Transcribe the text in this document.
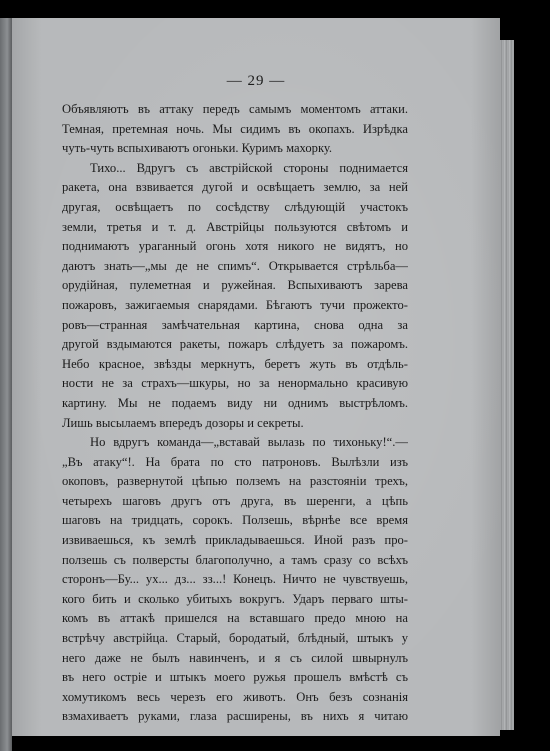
— 29 —
Объявляютъ въ аттаку передъ самымъ моментомъ аттаки.
Темная, претемная ночь. Мы сидимъ въ окопахъ. Изрѣдка
чуть-чуть вспыхиваютъ огоньки. Куримъ махорку.
Тихо... Вдругъ съ австрійской стороны поднимается
ракета, она взвивается дугой и освѣщаетъ землю, за ней
другая, освѣщаетъ по сосѣдству слѣдующій участокъ
земли, третья и т. д. Австрійцы пользуются свѣтомъ и
поднимаютъ ураганный огонь хотя никого не видятъ, но
даютъ знать—„мы де не спимъ“. Открывается стрѣльба—
орудійная, пулеметная и ружейная. Вспыхиваютъ зарева
пожаровъ, зажигаемыя снарядами. Бѣгаютъ тучи прожекто-
ровъ—странная замѣчательная картина, снова одна за
другой вздымаются ракеты, пожаръ слѣдуетъ за пожаромъ.
Небо красное, звѣзды меркнутъ, беретъ жуть въ отдѣль-
ности не за страхъ—шкуры, но за ненормально красивую
картину. Мы не подаемъ виду ни однимъ выстрѣломъ.
Лишь высылаемъ впередъ дозоры и секреты.
Но вдругъ команда—„вставай вылазь по тихоньку!“.—
„Въ атаку“!. На брата по сто патроновъ. Вылѣзли изъ
окоповъ, развернутой цѣпью полземъ на разстояніи трехъ,
четырехъ шаговъ другъ отъ друга, въ шеренги, а цѣпь
шаговъ на тридцать, сорокъ. Ползешь, вѣрнѣе все время
извиваешься, къ землѣ прикладываешься. Иной разъ про-
ползешь съ полверсты благополучно, а тамъ сразу со всѣхъ
сторонъ—Бу... ух... дз... зз...! Конецъ. Ничто не чувствуешь,
кого бить и сколько убитыхъ вокругъ. Ударъ перваго шты-
комъ въ аттакѣ пришелся на вставшаго предо мною на
встрѣчу австрійца. Старый, бородатый, блѣдный, штыкъ у
него даже не былъ навинченъ, и я съ силой швырнулъ
въ него остріе и штыкъ моего ружья прошелъ вмѣстѣ съ
хомутикомъ весь черезъ его животъ. Онъ безъ сознанія
взмахиваетъ руками, глаза расширены, въ нихъ я читаю
